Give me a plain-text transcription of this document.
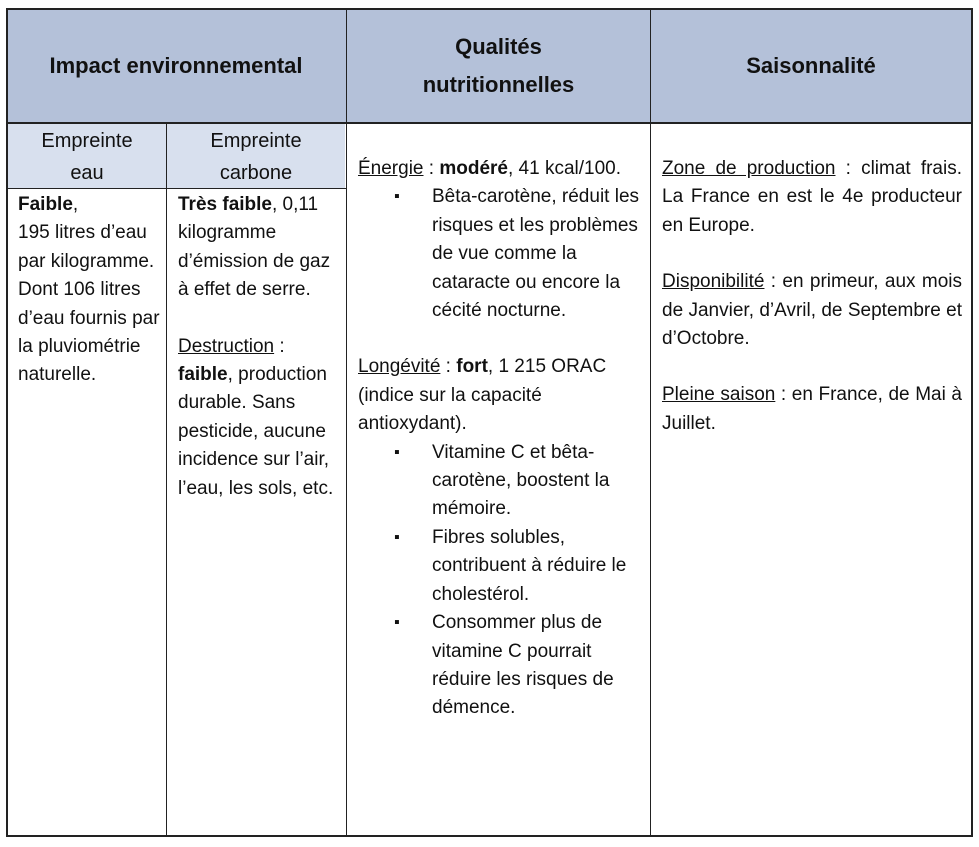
Impact environnemental
Qualités
nutritionnelles
Saisonnalité
Empreinte
eau
Empreinte
carbone
Faible,
195 litres d’eau par kilogramme. Dont 106 litres d’eau fournis par la pluviométrie naturelle.
Très faible, 0,11 kilogramme d’émission de gaz à effet de serre.
Destruction :
faible, production durable. Sans pesticide, aucune incidence sur l’air, l’eau, les sols, etc.
Énergie : modéré, 41 kcal/100.
▪ Bêta-carotène, réduit les risques et les problèmes de vue comme la cataracte ou encore la cécité nocturne.
Longévité : fort, 1 215 ORAC (indice sur la capacité antioxydant).
▪ Vitamine C et bêta-carotène, boostent la mémoire.
▪ Fibres solubles, contribuent à réduire le cholestérol.
▪ Consommer plus de vitamine C pourrait réduire les risques de démence.
Zone de production : climat frais. La France en est le 4e producteur en Europe.
Disponibilité : en primeur, aux mois de Janvier, d’Avril, de Septembre et d’Octobre.
Pleine saison : en France, de Mai à Juillet.
